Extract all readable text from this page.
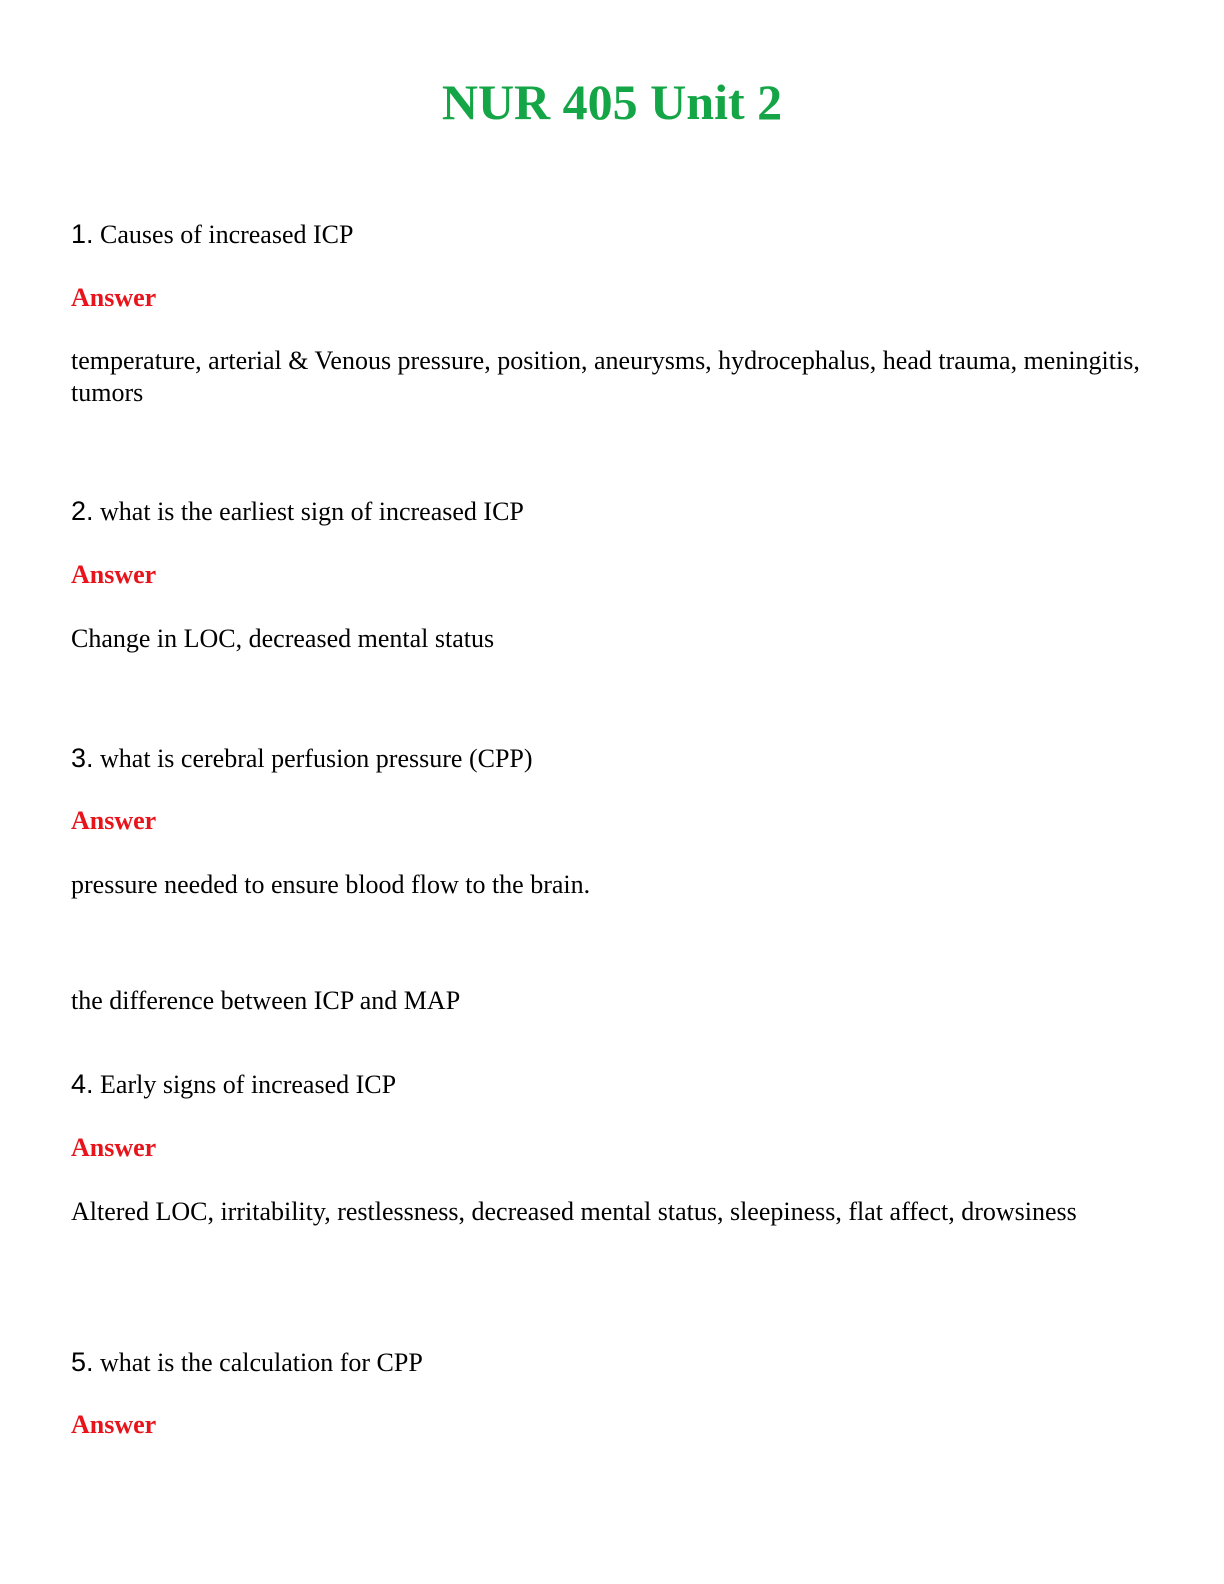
NUR 405 Unit 2

1. Causes of increased ICP

Answer

temperature, arterial & Venous pressure, position, aneurysms, hydrocephalus, head trauma, meningitis, tumors

2. what is the earliest sign of increased ICP

Answer

Change in LOC, decreased mental status

3. what is cerebral perfusion pressure (CPP)

Answer

pressure needed to ensure blood flow to the brain.

the difference between ICP and MAP

4. Early signs of increased ICP

Answer

Altered LOC, irritability, restlessness, decreased mental status, sleepiness, flat affect, drowsiness

5. what is the calculation for CPP

Answer
